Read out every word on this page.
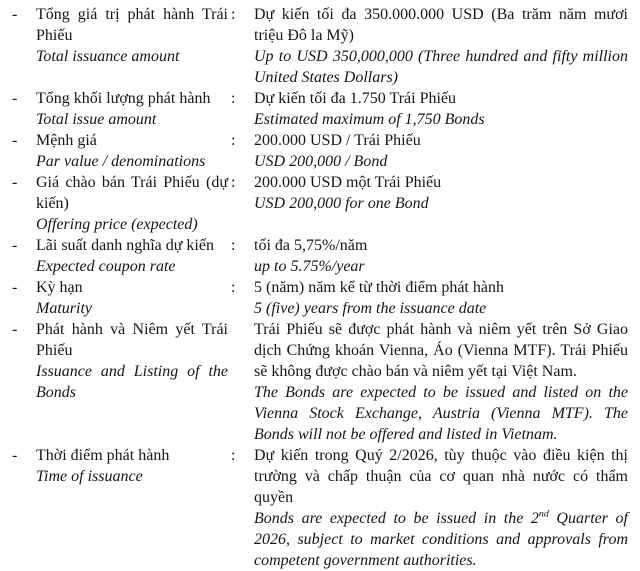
-	Tổng giá trị phát hành Trái Phiếu
Total issuance amount
:	Dự kiến tối đa 350.000.000 USD (Ba trăm năm mươi triệu Đô la Mỹ)
Up to USD 350,000,000 (Three hundred and fifty million United States Dollars)
-	Tổng khối lượng phát hành
Total issue amount
:	Dự kiến tối đa 1.750 Trái Phiếu
Estimated maximum of 1,750 Bonds
-	Mệnh giá
Par value / denominations
:	200.000 USD / Trái Phiếu
USD 200,000 / Bond
-	Giá chào bán Trái Phiếu (dự kiến)
Offering price (expected)
:	200.000 USD một Trái Phiếu
USD 200,000 for one Bond
-	Lãi suất danh nghĩa dự kiến
Expected coupon rate
:	tối đa 5,75%/năm
up to 5.75%/year
-	Kỳ hạn
Maturity
:	5 (năm) năm kể từ thời điểm phát hành
5 (five) years from the issuance date
-	Phát hành và Niêm yết Trái Phiếu
Issuance and Listing of the Bonds
Trái Phiếu sẽ được phát hành và niêm yết trên Sở Giao dịch Chứng khoán Vienna, Áo (Vienna MTF). Trái Phiếu sẽ không được chào bán và niêm yết tại Việt Nam.
The Bonds are expected to be issued and listed on the Vienna Stock Exchange, Austria (Vienna MTF). The Bonds will not be offered and listed in Vietnam.
-	Thời điểm phát hành
Time of issuance
:	Dự kiến trong Quý 2/2026, tùy thuộc vào điều kiện thị trường và chấp thuận của cơ quan nhà nước có thẩm quyền
Bonds are expected to be issued in the 2nd Quarter of 2026, subject to market conditions and approvals from competent government authorities.
